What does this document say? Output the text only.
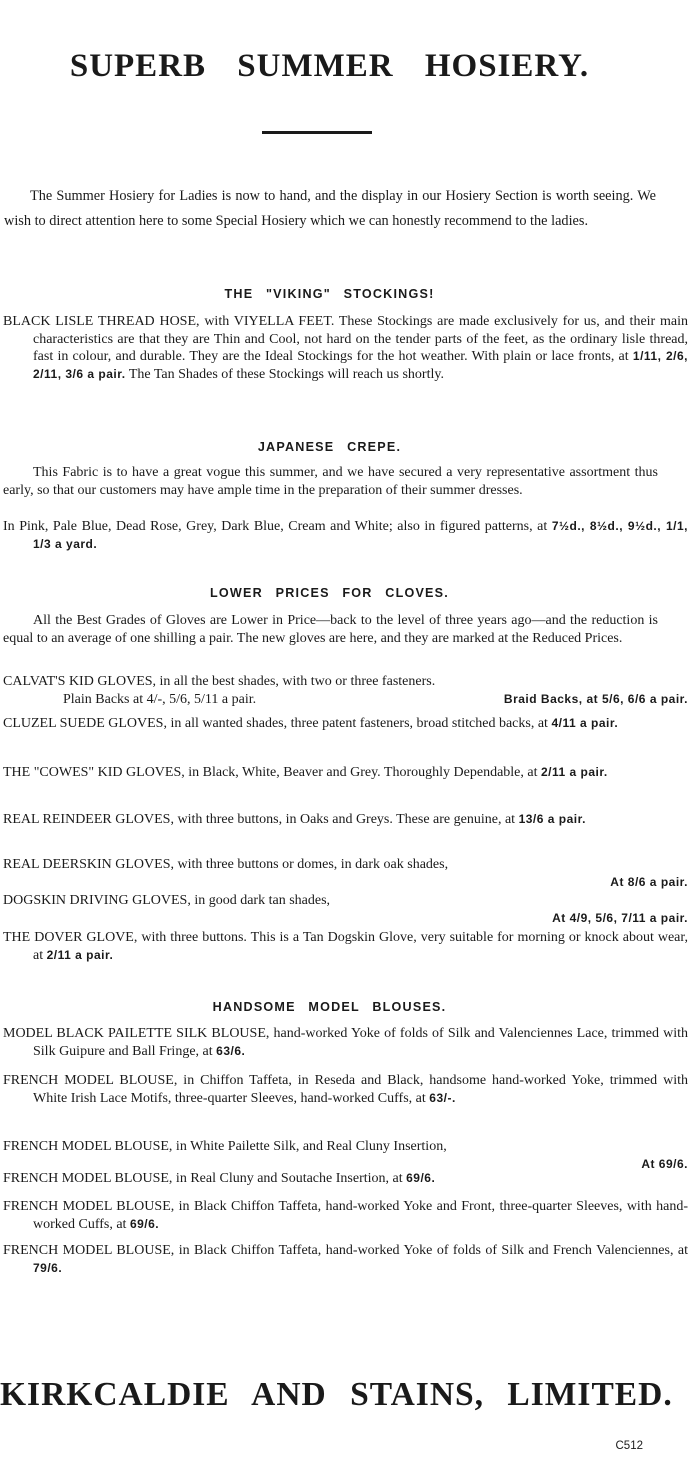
SUPERB SUMMER HOSIERY.

The Summer Hosiery for Ladies is now to hand, and the display in our Hosiery Section is worth seeing. We wish to direct attention here to some Special Hosiery which we can honestly recommend to the ladies.

THE "VIKING" STOCKINGS!

BLACK LISLE THREAD HOSE, with VIYELLA FEET. These Stockings are made exclusively for us, and their main characteristics are that they are Thin and Cool, not hard on the tender parts of the feet, as the ordinary lisle thread, fast in colour, and durable. They are the Ideal Stockings for the hot weather. With plain or lace fronts, at 1/11, 2/6, 2/11, 3/6 a pair. The Tan Shades of these Stockings will reach us shortly.

JAPANESE CREPE.

This Fabric is to have a great vogue this summer, and we have secured a very representative assortment thus early, so that our customers may have ample time in the preparation of their summer dresses.

In Pink, Pale Blue, Dead Rose, Grey, Dark Blue, Cream and White; also in figured patterns, at 7½d., 8½d., 9½d., 1/1, 1/3 a yard.

LOWER PRICES FOR CLOVES.

All the Best Grades of Gloves are Lower in Price—back to the level of three years ago—and the reduction is equal to an average of one shilling a pair. The new gloves are here, and they are marked at the Reduced Prices.

CALVAT'S KID GLOVES, in all the best shades, with two or three fasteners.
Plain Backs at 4/-, 5/6, 5/11 a pair.	Braid Backs, at 5/6, 6/6 a pair.

CLUZEL SUEDE GLOVES, in all wanted shades, three patent fasteners, broad stitched backs, at 4/11 a pair.

THE "COWES" KID GLOVES, in Black, White, Beaver and Grey. Thoroughly Dependable, at 2/11 a pair.

REAL REINDEER GLOVES, with three buttons, in Oaks and Greys. These are genuine, at 13/6 a pair.

REAL DEERSKIN GLOVES, with three buttons or domes, in dark oak shades,
At 8/6 a pair.

DOGSKIN DRIVING GLOVES, in good dark tan shades,
At 4/9, 5/6, 7/11 a pair.

THE DOVER GLOVE, with three buttons. This is a Tan Dogskin Glove, very suitable for morning or knock about wear, at 2/11 a pair.

HANDSOME MODEL BLOUSES.

MODEL BLACK PAILETTE SILK BLOUSE, hand-worked Yoke of folds of Silk and Valenciennes Lace, trimmed with Silk Guipure and Ball Fringe, at 63/6.

FRENCH MODEL BLOUSE, in Chiffon Taffeta, in Reseda and Black, handsome hand-worked Yoke, trimmed with White Irish Lace Motifs, three-quarter Sleeves, hand-worked Cuffs, at 63/-.

FRENCH MODEL BLOUSE, in White Pailette Silk, and Real Cluny Insertion,
At 69/6.

FRENCH MODEL BLOUSE, in Real Cluny and Soutache Insertion, at 69/6.

FRENCH MODEL BLOUSE, in Black Chiffon Taffeta, hand-worked Yoke and Front, three-quarter Sleeves, with hand-worked Cuffs, at 69/6.

FRENCH MODEL BLOUSE, in Black Chiffon Taffeta, hand-worked Yoke of folds of Silk and French Valenciennes, at 79/6.

KIRKCALDIE AND STAINS, LIMITED.
C512
